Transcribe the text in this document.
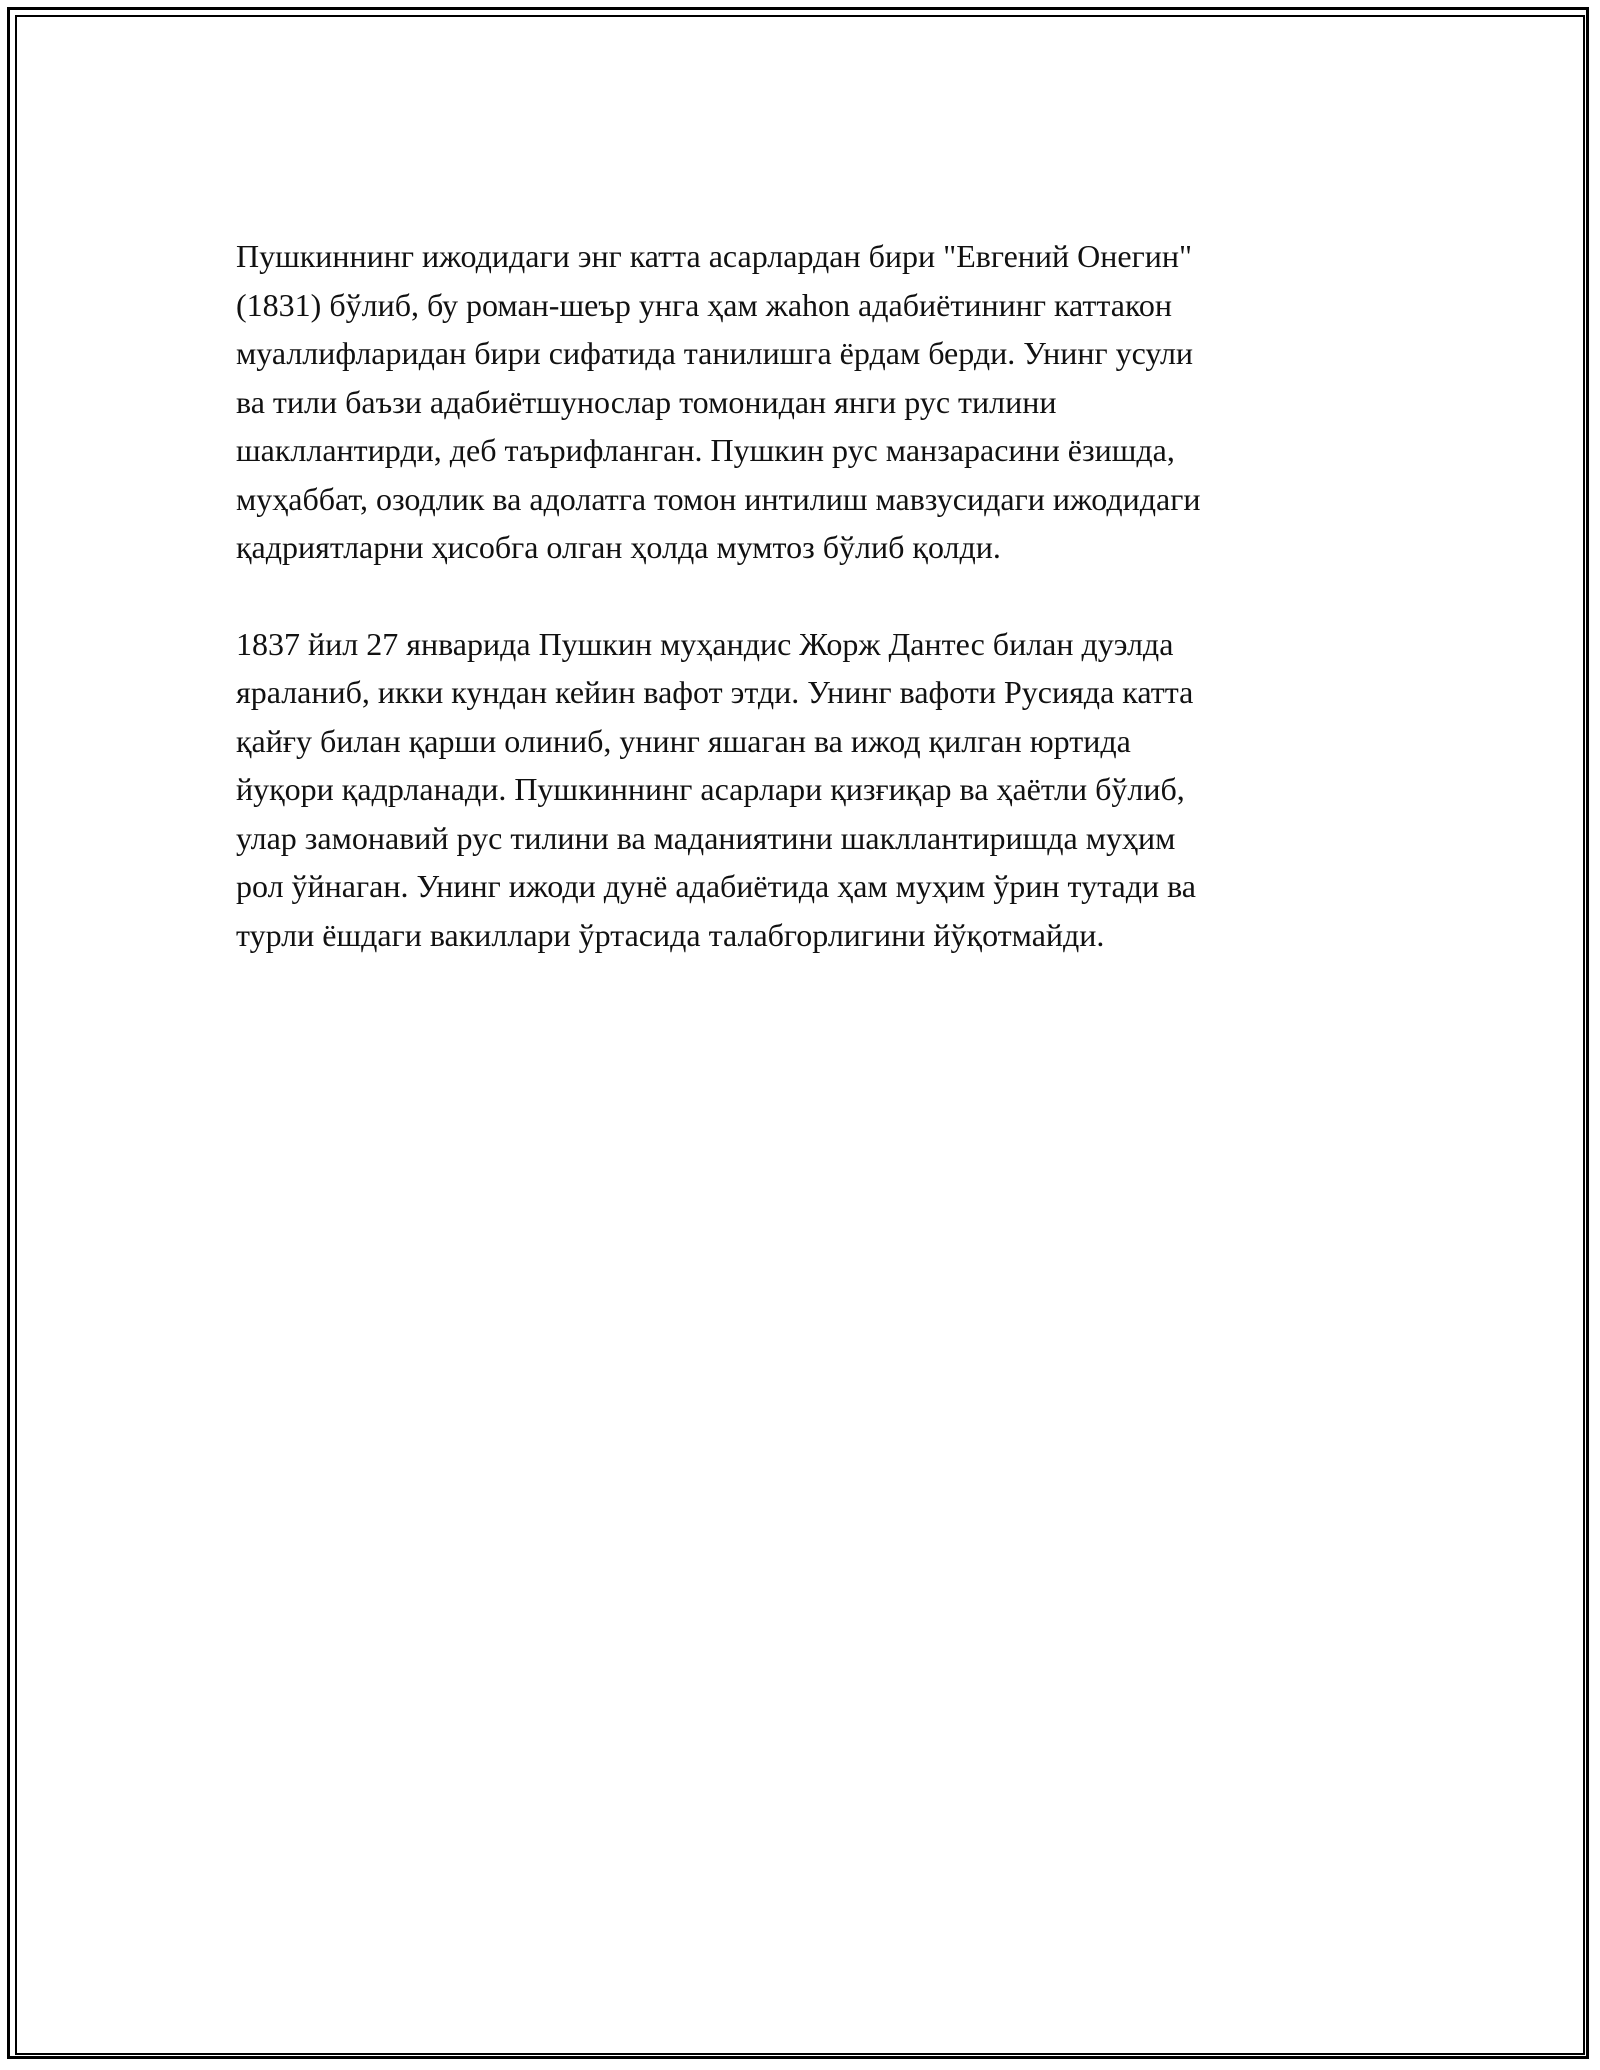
Пушкиннинг ижодидаги энг катта асарлардан бири "Евгений Онегин"
(1831) бўлиб, бу роман-шеър унга ҳам жаhon адабиётининг каттакон
муаллифларидан бири сифатида танилишга ёрдам берди. Унинг усули
ва тили баъзи адабиётшунослар томонидан янги рус тилини
шакллантирди, деб таърифланган. Пушкин рус манзарасини ёзишда,
муҳаббат, озодлик ва адолатга томон интилиш мавзусидаги ижодидаги
қадриятларни ҳисобга олган ҳолда мумтоз бўлиб қолди.

1837 йил 27 январида Пушкин муҳандис Жорж Дантес билан дуэлда
яраланиб, икки кундан кейин вафот этди. Унинг вафоти Русияда катта
қайғу билан қарши олиниб, унинг яшаган ва ижод қилган юртида
йуқори қадрланади. Пушкиннинг асарлари қизғиқар ва ҳаётли бўлиб,
улар замонавий рус тилини ва маданиятини шакллантиришда муҳим
рол ўйнаган. Унинг ижоди дунё адабиётида ҳам муҳим ўрин тутади ва
турли ёшдаги вакиллари ўртасида талабгорлигини йўқотмайди.
